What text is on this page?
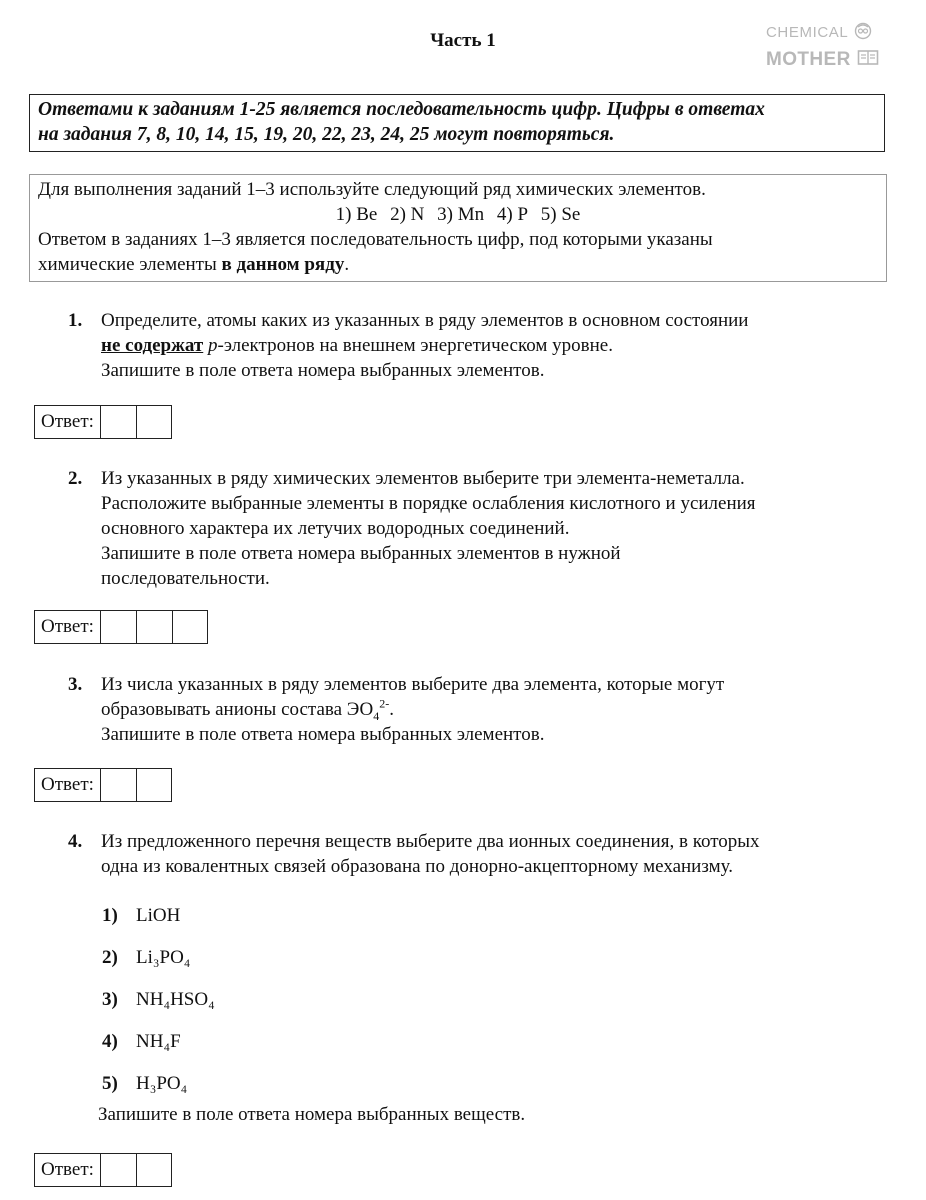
Часть 1	CHEMICAL
MOTHER
Ответами к заданиям 1-25 является последовательность цифр. Цифры в ответах
на задания 7, 8, 10, 14, 15, 19, 20, 22, 23, 24, 25 могут повторяться.
Для выполнения заданий 1–3 используйте следующий ряд химических элементов.
1) Be 2) N 3) Mn 4) P 5) Se
Ответом в заданиях 1–3 является последовательность цифр, под которыми указаны
химические элементы в данном ряду.
1. Определите, атомы каких из указанных в ряду элементов в основном состоянии
не содержат p-электронов на внешнем энергетическом уровне.
Запишите в поле ответа номера выбранных элементов.
Ответ:
2. Из указанных в ряду химических элементов выберите три элемента-неметалла.
Расположите выбранные элементы в порядке ослабления кислотного и усиления
основного характера их летучих водородных соединений.
Запишите в поле ответа номера выбранных элементов в нужной
последовательности.
Ответ:
3. Из числа указанных в ряду элементов выберите два элемента, которые могут
образовывать анионы состава $ЭО_4^{2-}$.
Запишите в поле ответа номера выбранных элементов.
Ответ:
4. Из предложенного перечня веществ выберите два ионных соединения, в которых
одна из ковалентных связей образована по донорно-акцепторному механизму.
1) LiOH
2) Li₃PO₄
3) NH₄HSO₄
4) NH₄F
5) H₃PO₄
Запишите в поле ответа номера выбранных веществ.
Ответ:
